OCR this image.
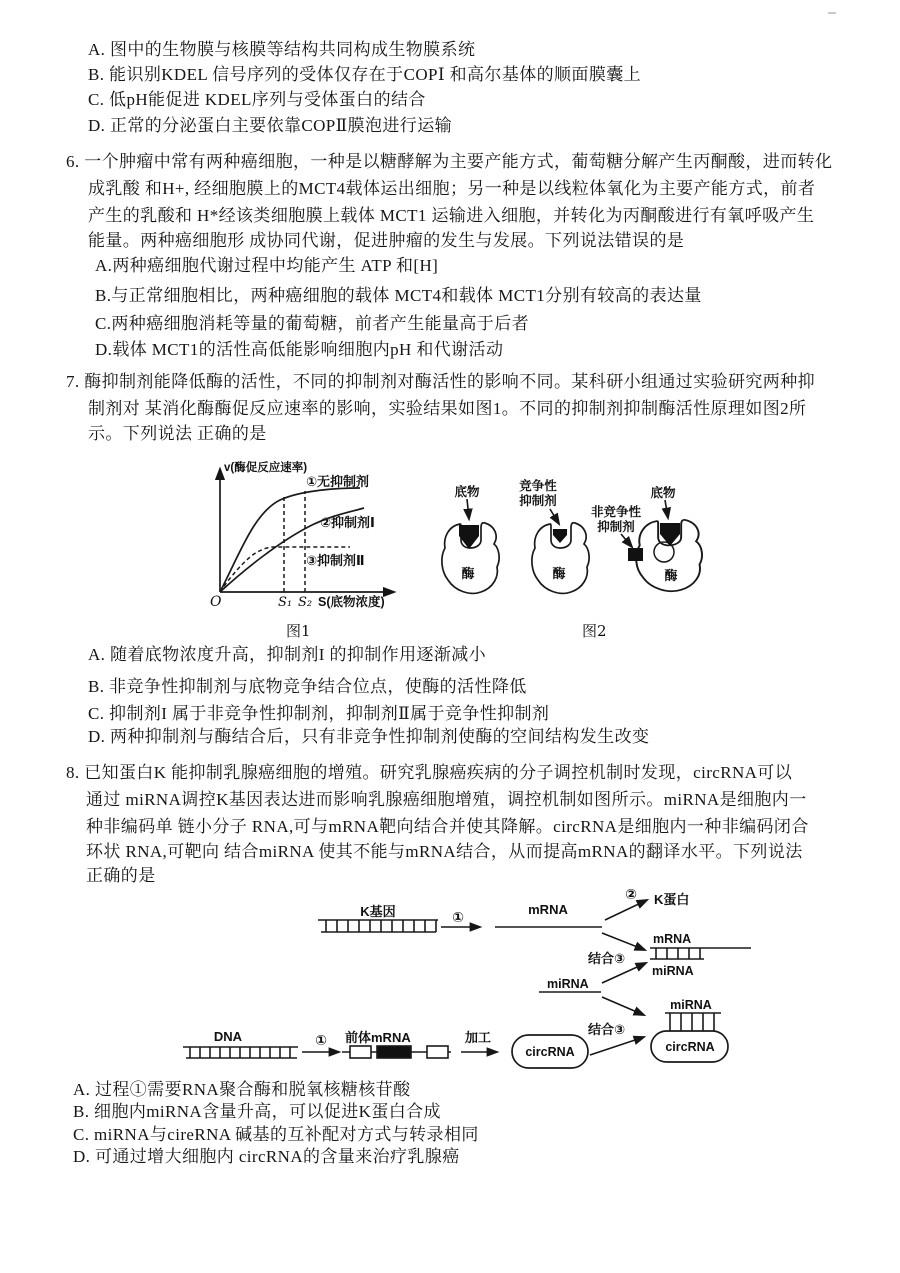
A. 图中的生物膜与核膜等结构共同构成生物膜系统
B. 能识别KDEL 信号序列的受体仅存在于COPⅠ 和高尔基体的顺面膜囊上
C. 低pH能促进 KDEL序列与受体蛋白的结合
D. 正常的分泌蛋白主要依靠COPⅡ膜泡进行运输
6. 一个肿瘤中常有两种癌细胞，一种是以糖酵解为主要产能方式，葡萄糖分解产生丙酮酸，进而转化
成乳酸 和H+, 经细胞膜上的MCT4载体运出细胞；另一种是以线粒体氧化为主要产能方式，前者
产生的乳酸和 H*经该类细胞膜上载体 MCT1 运输进入细胞，并转化为丙酮酸进行有氧呼吸产生
能量。两种癌细胞形 成协同代谢，促进肿瘤的发生与发展。下列说法错误的是
A.两种癌细胞代谢过程中均能产生 ATP 和[H]
B.与正常细胞相比，两种癌细胞的载体 MCT4和载体 MCT1分别有较高的表达量
C.两种癌细胞消耗等量的葡萄糖，前者产生能量高于后者
D.载体 MCT1的活性高低能影响细胞内pH 和代谢活动
7. 酶抑制剂能降低酶的活性，不同的抑制剂对酶活性的影响不同。某科研小组通过实验研究两种抑
制剂对 某消化酶酶促反应速率的影响，实验结果如图1。不同的抑制剂抑制酶活性原理如图2所
示。下列说法 正确的是
v(酶促反应速率)
①无抑制剂
②抑制剂Ⅰ
③抑制剂Ⅱ
S(底物浓度)
O	S₁ S₂
图1
底物	竞争性
抑制剂
非竞争性
抑制剂
底物
酶	酶	酶
图2
A. 随着底物浓度升高，抑制剂I 的抑制作用逐渐减小
B. 非竞争性抑制剂与底物竞争结合位点，使酶的活性降低
C. 抑制剂I 属于非竞争性抑制剂，抑制剂Ⅱ属于竞争性抑制剂
D. 两种抑制剂与酶结合后，只有非竞争性抑制剂使酶的空间结构发生改变
8. 已知蛋白K 能抑制乳腺癌细胞的增殖。研究乳腺癌疾病的分子调控机制时发现，circRNA可以
通过 miRNA调控K基因表达进而影响乳腺癌细胞增殖，调控机制如图所示。miRNA是细胞内一
种非编码单 链小分子 RNA,可与mRNA靶向结合并使其降解。circRNA是细胞内一种非编码闭合
环状 RNA,可靶向 结合miRNA 使其不能与mRNA结合，从而提高mRNA的翻译水平。下列说法
正确的是
K基因	①	mRNA
② K蛋白
结合③
mRNA
miRNA
miRNA
结合③
DNA	① 前体mRNA	加工
circRNA	circRNA
miRNA
A. 过程①需要RNA聚合酶和脱氧核糖核苷酸
B. 细胞内miRNA含量升高，可以促进K蛋白合成
C. miRNA与cireRNA 碱基的互补配对方式与转录相同
D. 可通过增大细胞内 circRNA的含量来治疗乳腺癌
